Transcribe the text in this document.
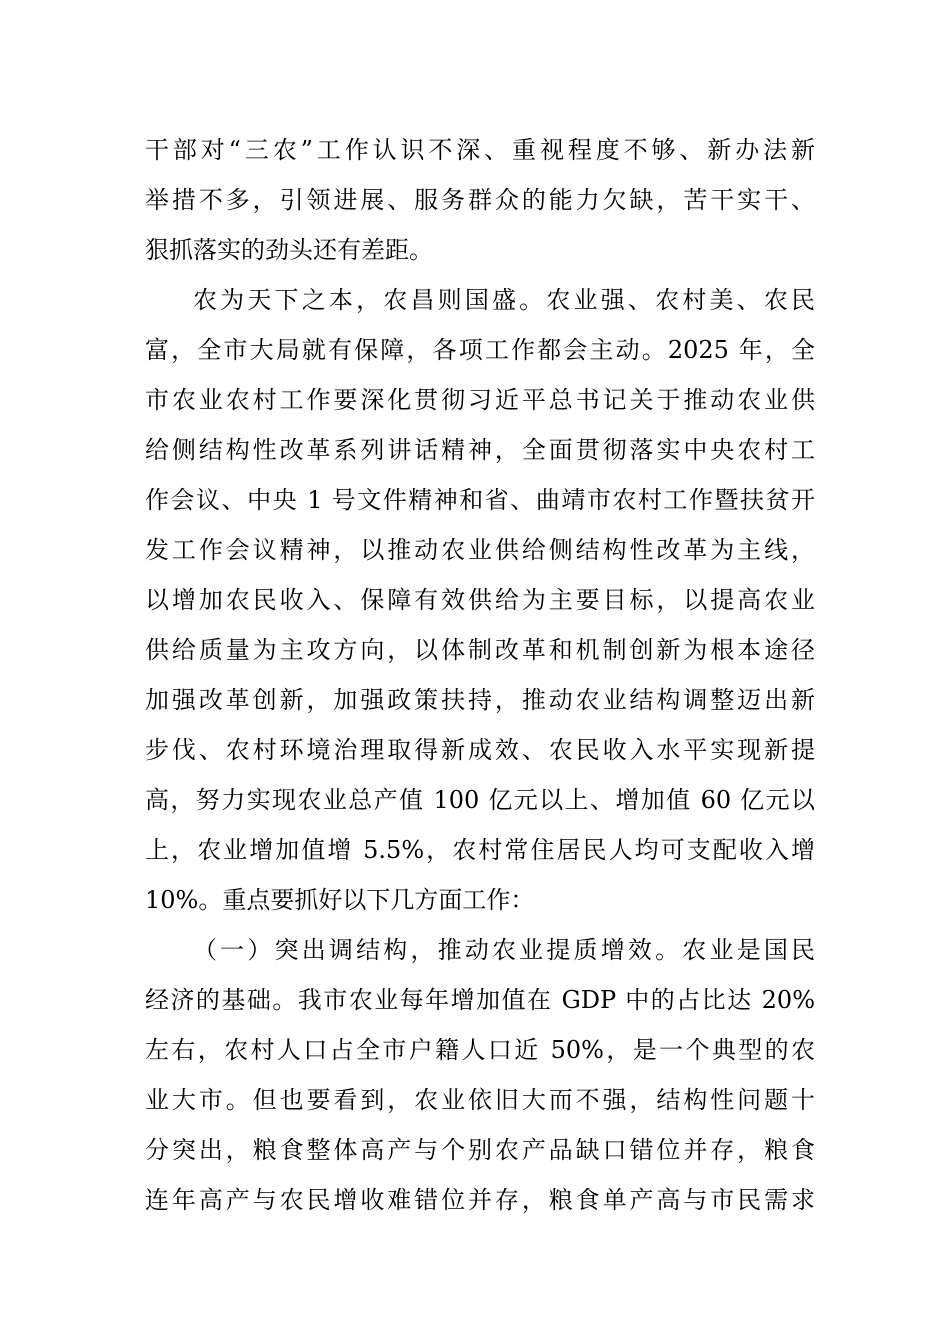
干部对“三农”工作认识不深、重视程度不够、新办法新
举措不多，引领进展、服务群众的能力欠缺，苦干实干、
狠抓落实的劲头还有差距。
农为天下之本，农昌则国盛。农业强、农村美、农民
富，全市大局就有保障，各项工作都会主动。2025 年，全
市农业农村工作要深化贯彻习近平总书记关于推动农业供
给侧结构性改革系列讲话精神，全面贯彻落实中央农村工
作会议、中央 1 号文件精神和省、曲靖市农村工作暨扶贫开
发工作会议精神，以推动农业供给侧结构性改革为主线，
以增加农民收入、保障有效供给为主要目标，以提高农业
供给质量为主攻方向，以体制改革和机制创新为根本途径
加强改革创新，加强政策扶持，推动农业结构调整迈出新
步伐、农村环境治理取得新成效、农民收入水平实现新提
高，努力实现农业总产值 100 亿元以上、增加值 60 亿元以
上，农业增加值增 5.5%，农村常住居民人均可支配收入增
10%。重点要抓好以下几方面工作：
（一）突出调结构，推动农业提质增效。农业是国民
经济的基础。我市农业每年增加值在 GDP 中的占比达 20%
左右，农村人口占全市户籍人口近 50%，是一个典型的农
业大市。但也要看到，农业依旧大而不强，结构性问题十
分突出，粮食整体高产与个别农产品缺口错位并存，粮食
连年高产与农民增收难错位并存，粮食单产高与市民需求
